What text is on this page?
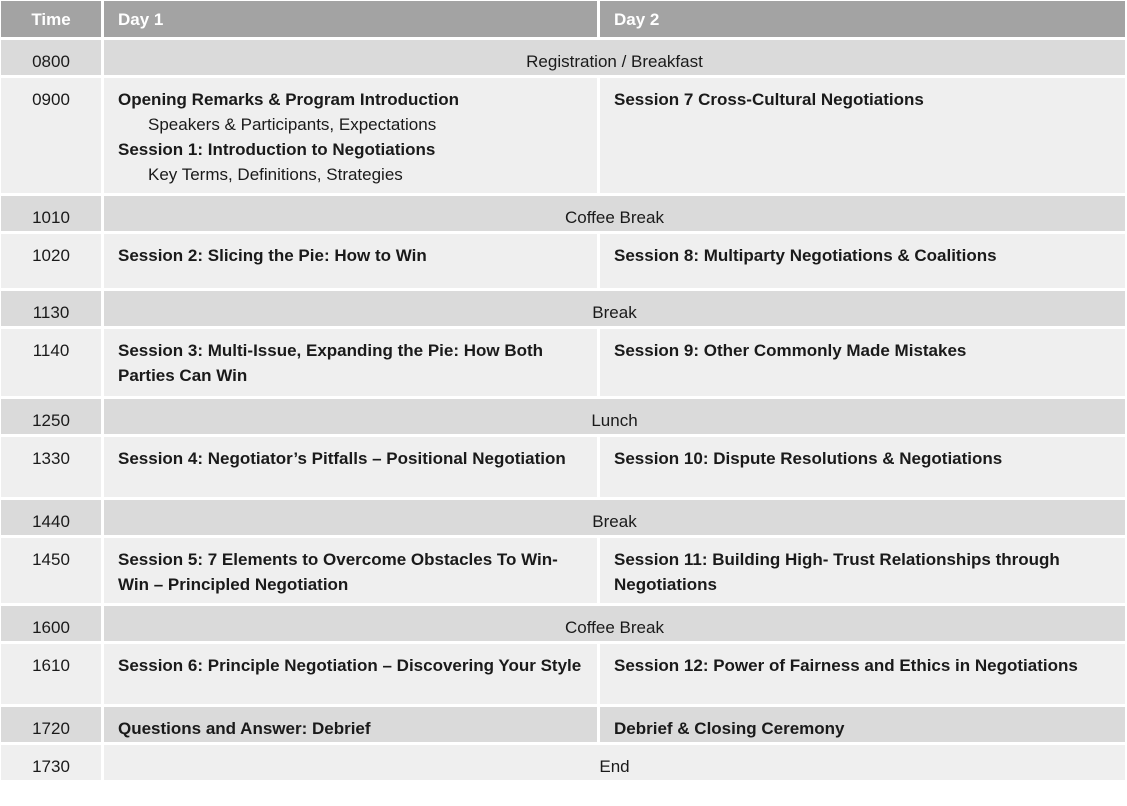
Time	Day 1	Day 2
0800	Registration / Breakfast	
0900	Opening Remarks & Program Introduction
Speakers & Participants, Expectations
Session 1: Introduction to Negotiations
Key Terms, Definitions, Strategies	Session 7 Cross-Cultural Negotiations
1010	Coffee Break	
1020	Session 2: Slicing the Pie: How to Win	Session 8: Multiparty Negotiations & Coalitions
1130	Break	
1140	Session 3: Multi-Issue, Expanding the Pie: How Both Parties Can Win	Session 9: Other Commonly Made Mistakes
1250	Lunch	
1330	Session 4: Negotiator’s Pitfalls – Positional Negotiation	Session 10: Dispute Resolutions & Negotiations
1440	Break	
1450	Session 5: 7 Elements to Overcome Obstacles To Win-Win – Principled Negotiation	Session 11: Building High- Trust Relationships through Negotiations
1600	Coffee Break	
1610	Session 6: Principle Negotiation – Discovering Your Style	Session 12: Power of Fairness and Ethics in Negotiations
1720	Questions and Answer: Debrief	Debrief & Closing Ceremony
1730	End	
